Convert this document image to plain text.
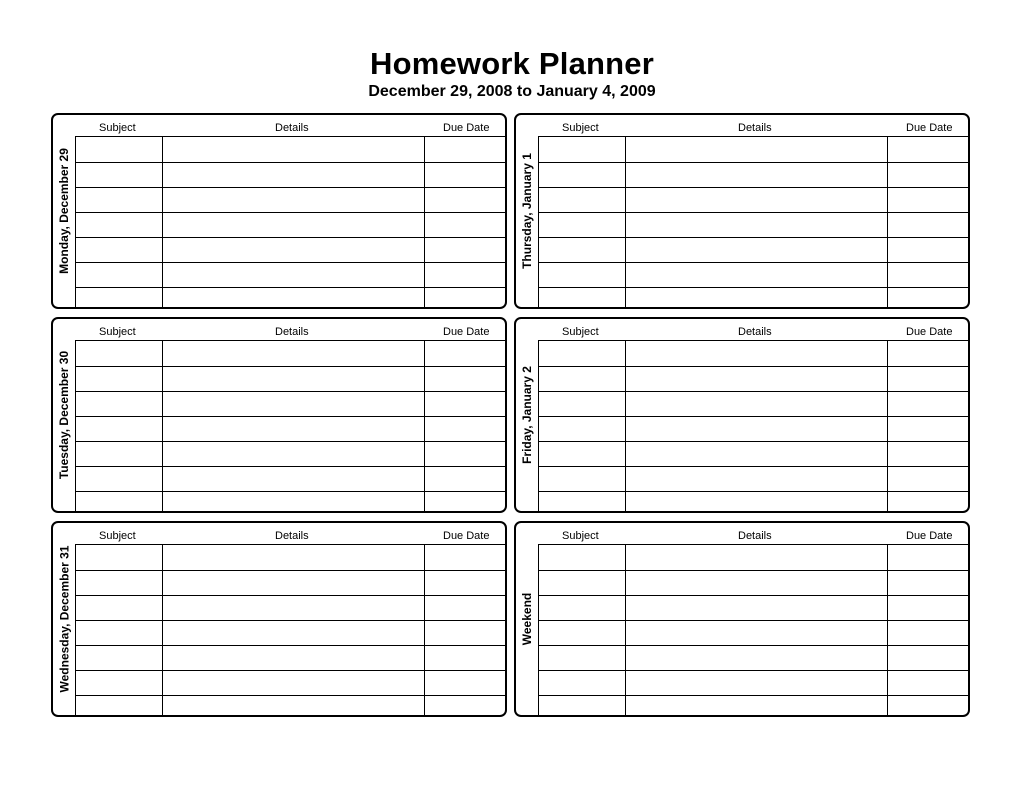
Homework Planner
December 29, 2008 to January 4, 2009
Monday, December 29
Subject	Details	Due Date
Thursday, January 1
Subject	Details	Due Date
Tuesday, December 30
Subject	Details	Due Date
Friday, January 2
Subject	Details	Due Date
Wednesday, December 31
Subject	Details	Due Date
Weekend
Subject	Details	Due Date
